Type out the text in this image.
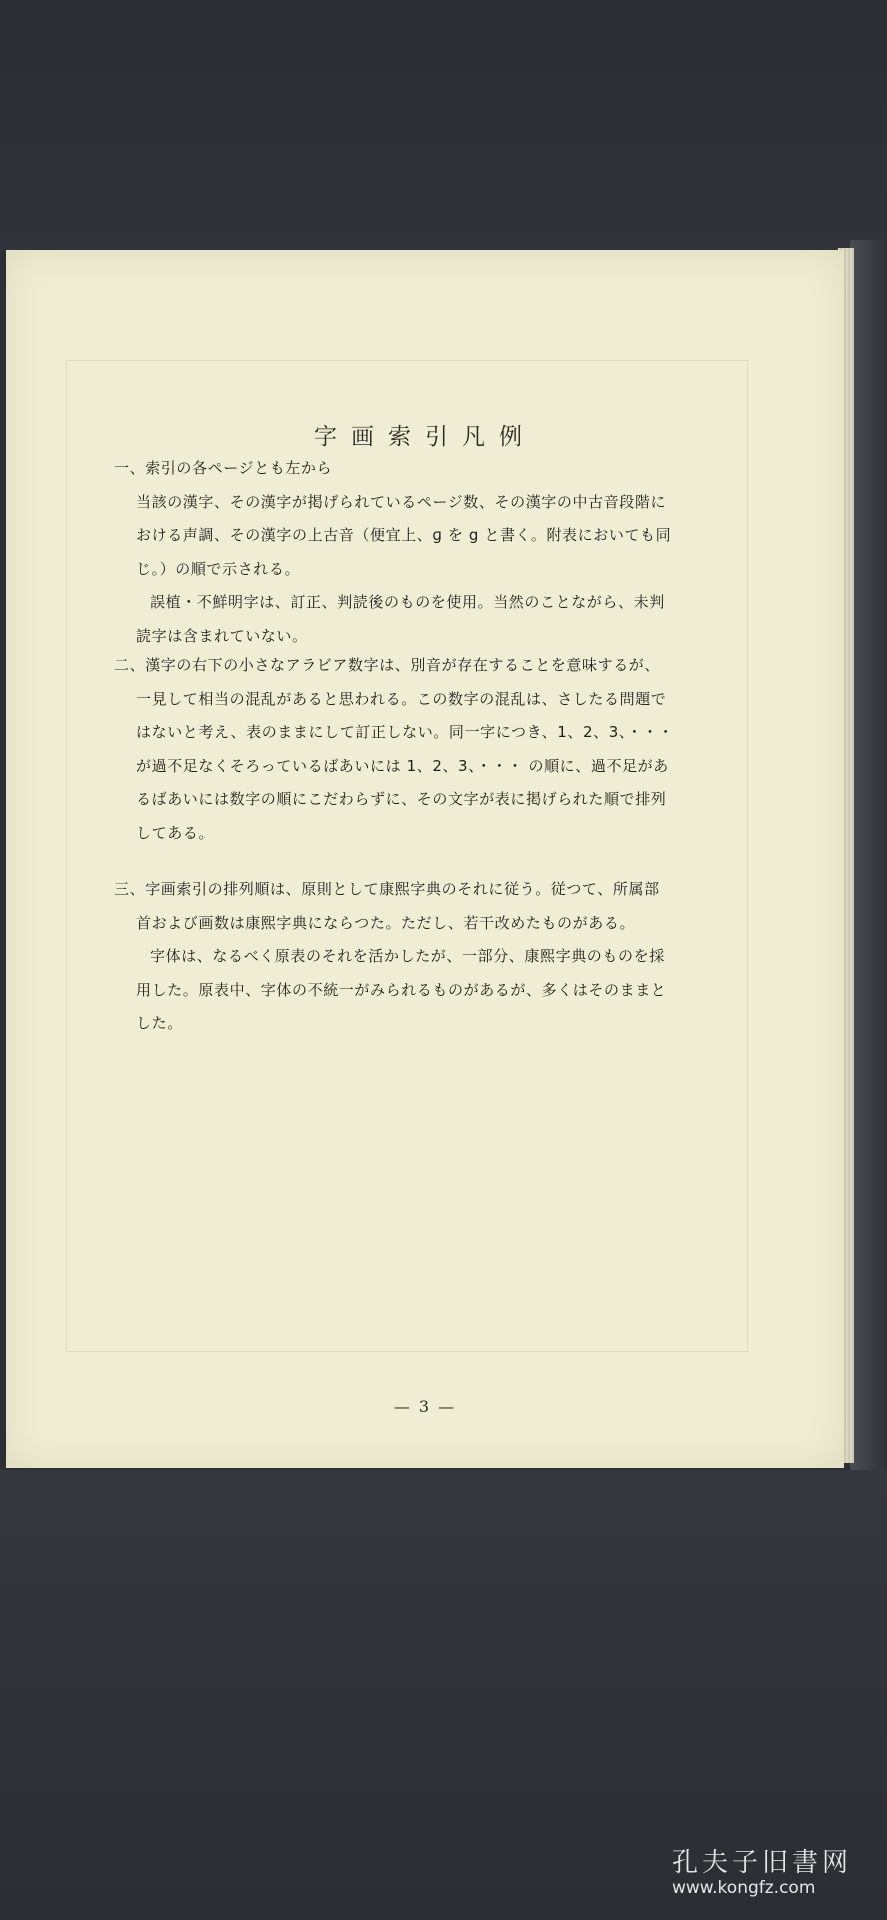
字画索引凡例

一、索引の各ページとも左から

当該の漢字、その漢字が掲げられているページ数、その漢字の中古音段階に

おける声調、その漢字の上古音（便宜上、ɡ を g と書く。附表においても同

じ。）の順で示される。

誤植・不鮮明字は、訂正、判読後のものを使用。当然のことながら、未判

読字は含まれていない。

二、漢字の右下の小さなアラビア数字は、別音が存在することを意味するが、

一見して相当の混乱があると思われる。この数字の混乱は、さしたる問題で

はないと考え、表のままにして訂正しない。同一字につき、1、2、3、・・・

が過不足なくそろっているばあいには 1、2、3、・・・ の順に、過不足があ

るばあいには数字の順にこだわらずに、その文字が表に掲げられた順で排列

してある。

三、字画索引の排列順は、原則として康熙字典のそれに従う。従つて、所属部

首および画数は康熙字典にならつた。ただし、若干改めたものがある。

字体は、なるべく原表のそれを活かしたが、一部分、康熙字典のものを採

用した。原表中、字体の不統一がみられるものがあるが、多くはそのままと

した。

— 3 —
孔夫子旧書网
www.kongfz.com
